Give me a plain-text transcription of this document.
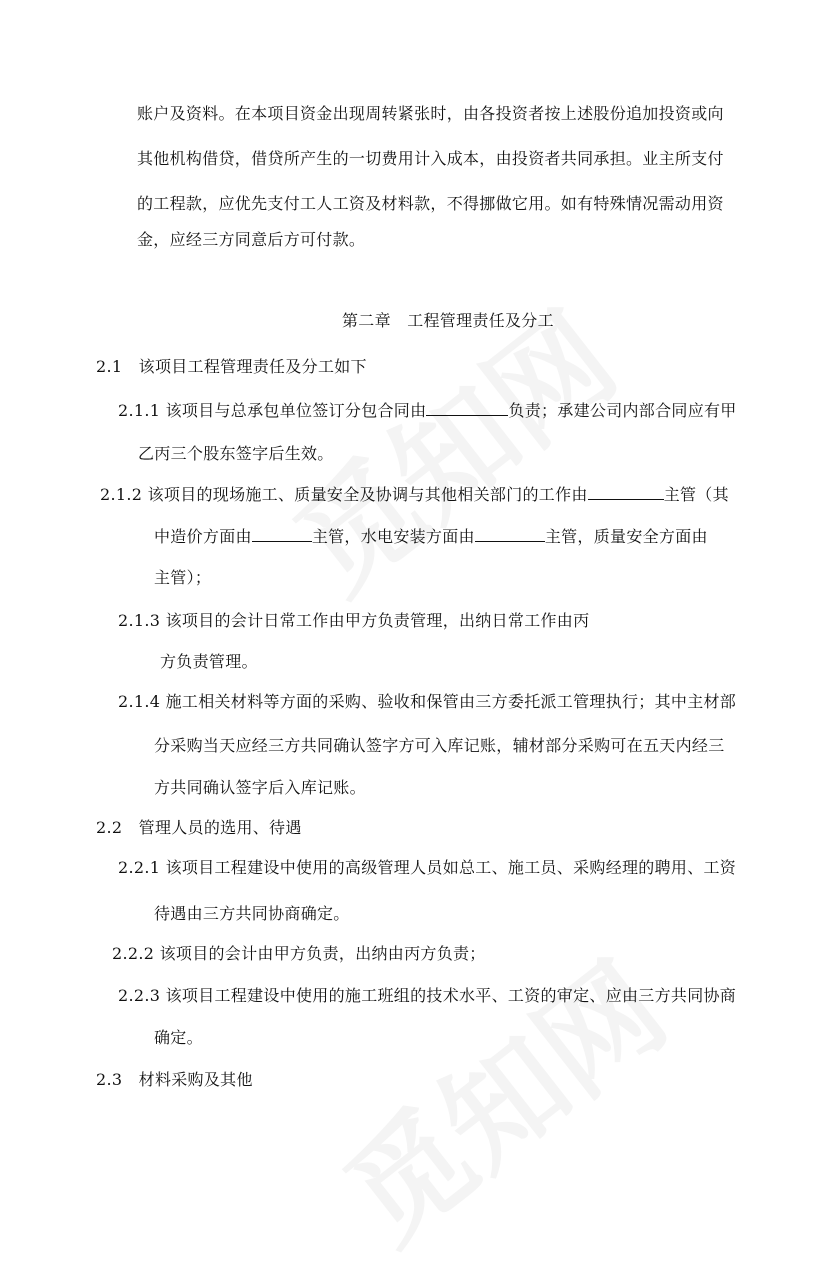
账户及资料。在本项目资金出现周转紧张时，由各投资者按上述股份追加投资或向
其他机构借贷，借贷所产生的一切费用计入成本，由投资者共同承担。业主所支付
的工程款，应优先支付工人工资及材料款，不得挪做它用。如有特殊情况需动用资
金，应经三方同意后方可付款。
第二章　工程管理责任及分工
2.1　该项目工程管理责任及分工如下
2.1.1 该项目与总承包单位签订分包合同由	负责；承建公司内部合同应有甲
乙丙三个股东签字后生效。
2.1.2 该项目的现场施工、质量安全及协调与其他相关部门的工作由	主管（其
中造价方面由	主管，水电安装方面由	主管，质量安全方面由
主管）；
2.1.3 该项目的会计日常工作由甲方负责管理，出纳日常工作由丙
方负责管理。
2.1.4 施工相关材料等方面的采购、验收和保管由三方委托派工管理执行；其中主材部
分采购当天应经三方共同确认签字方可入库记账，辅材部分采购可在五天内经三
方共同确认签字后入库记账。
2.2　管理人员的选用、待遇
2.2.1 该项目工程建设中使用的高级管理人员如总工、施工员、采购经理的聘用、工资
待遇由三方共同协商确定。
2.2.2 该项目的会计由甲方负责，出纳由丙方负责；
2.2.3 该项目工程建设中使用的施工班组的技术水平、工资的审定、应由三方共同协商
确定。
2.3　材料采购及其他
